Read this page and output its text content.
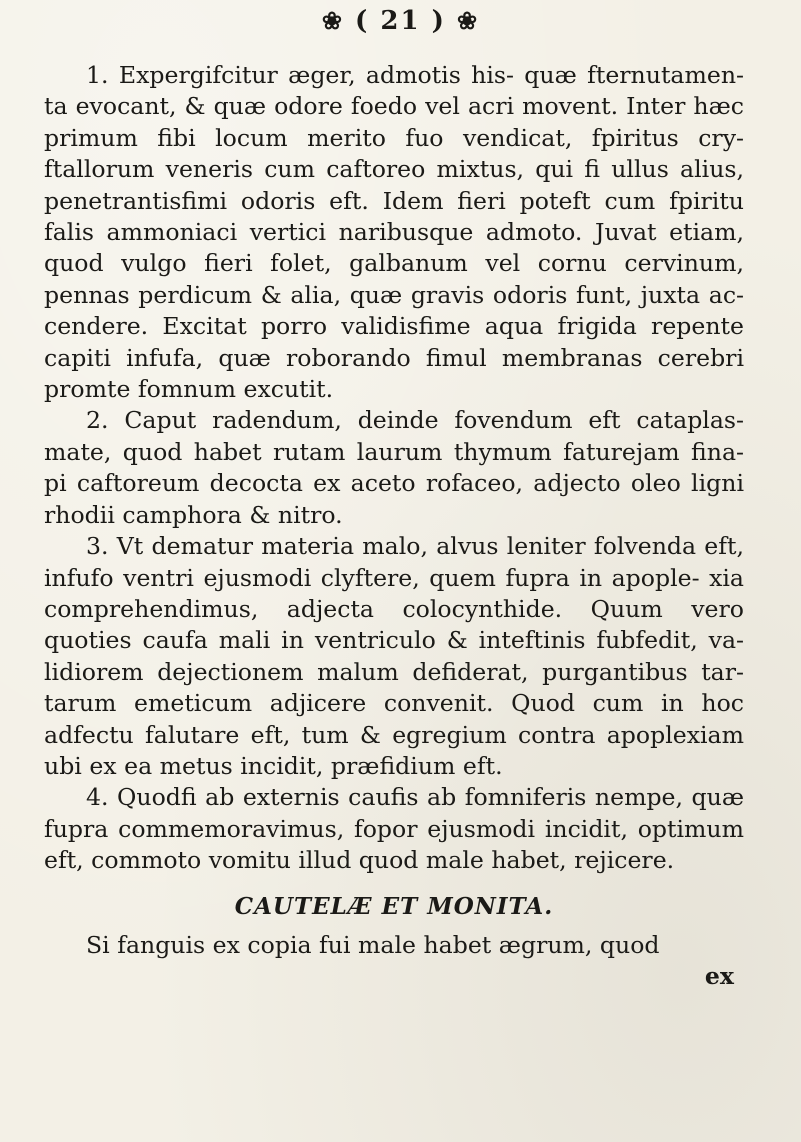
❀ ( 21 ) ❀

1. Expergifcitur æger, admotis his- quæ fternutamen- ta evocant, & quæ odore foedo vel acri movent. Inter hæc primum fibi locum merito fuo vendicat, fpiritus cry- ftallorum veneris cum caftoreo mixtus, qui fi ullus alius, penetrantisfimi odoris eft. Idem fieri poteft cum fpiritu falis ammoniaci vertici naribusque admoto. Juvat etiam, quod vulgo fieri folet, galbanum vel cornu cervinum, pennas perdicum & alia, quæ gravis odoris funt, juxta ac- cendere. Excitat porro validisfime aqua frigida repente capiti infufa, quæ roborando fimul membranas cerebri promte fomnum excutit.

2. Caput radendum, deinde fovendum eft cataplas- mate, quod habet rutam laurum thymum faturejam fina- pi caftoreum decocta ex aceto rofaceo, adjecto oleo ligni rhodii camphora & nitro.

3. Vt dematur materia malo, alvus leniter folvenda eft, infufo ventri ejusmodi clyftere, quem fupra in apople- xia comprehendimus, adjecta colocynthide. Quum vero quoties caufa mali in ventriculo & inteftinis fubfedit, va- lidiorem dejectionem malum defiderat, purgantibus tar- tarum emeticum adjicere convenit. Quod cum in hoc adfectu falutare eft, tum & egregium contra apoplexiam ubi ex ea metus incidit, præfidium eft.

4. Quodfi ab externis caufis ab fomniferis nempe, quæ fupra commemoravimus, fopor ejusmodi incidit, optimum eft, commoto vomitu illud quod male habet, rejicere.

CAUTELÆ ET MONITA.

Si fanguis ex copia fui male habet ægrum, quod

ex
